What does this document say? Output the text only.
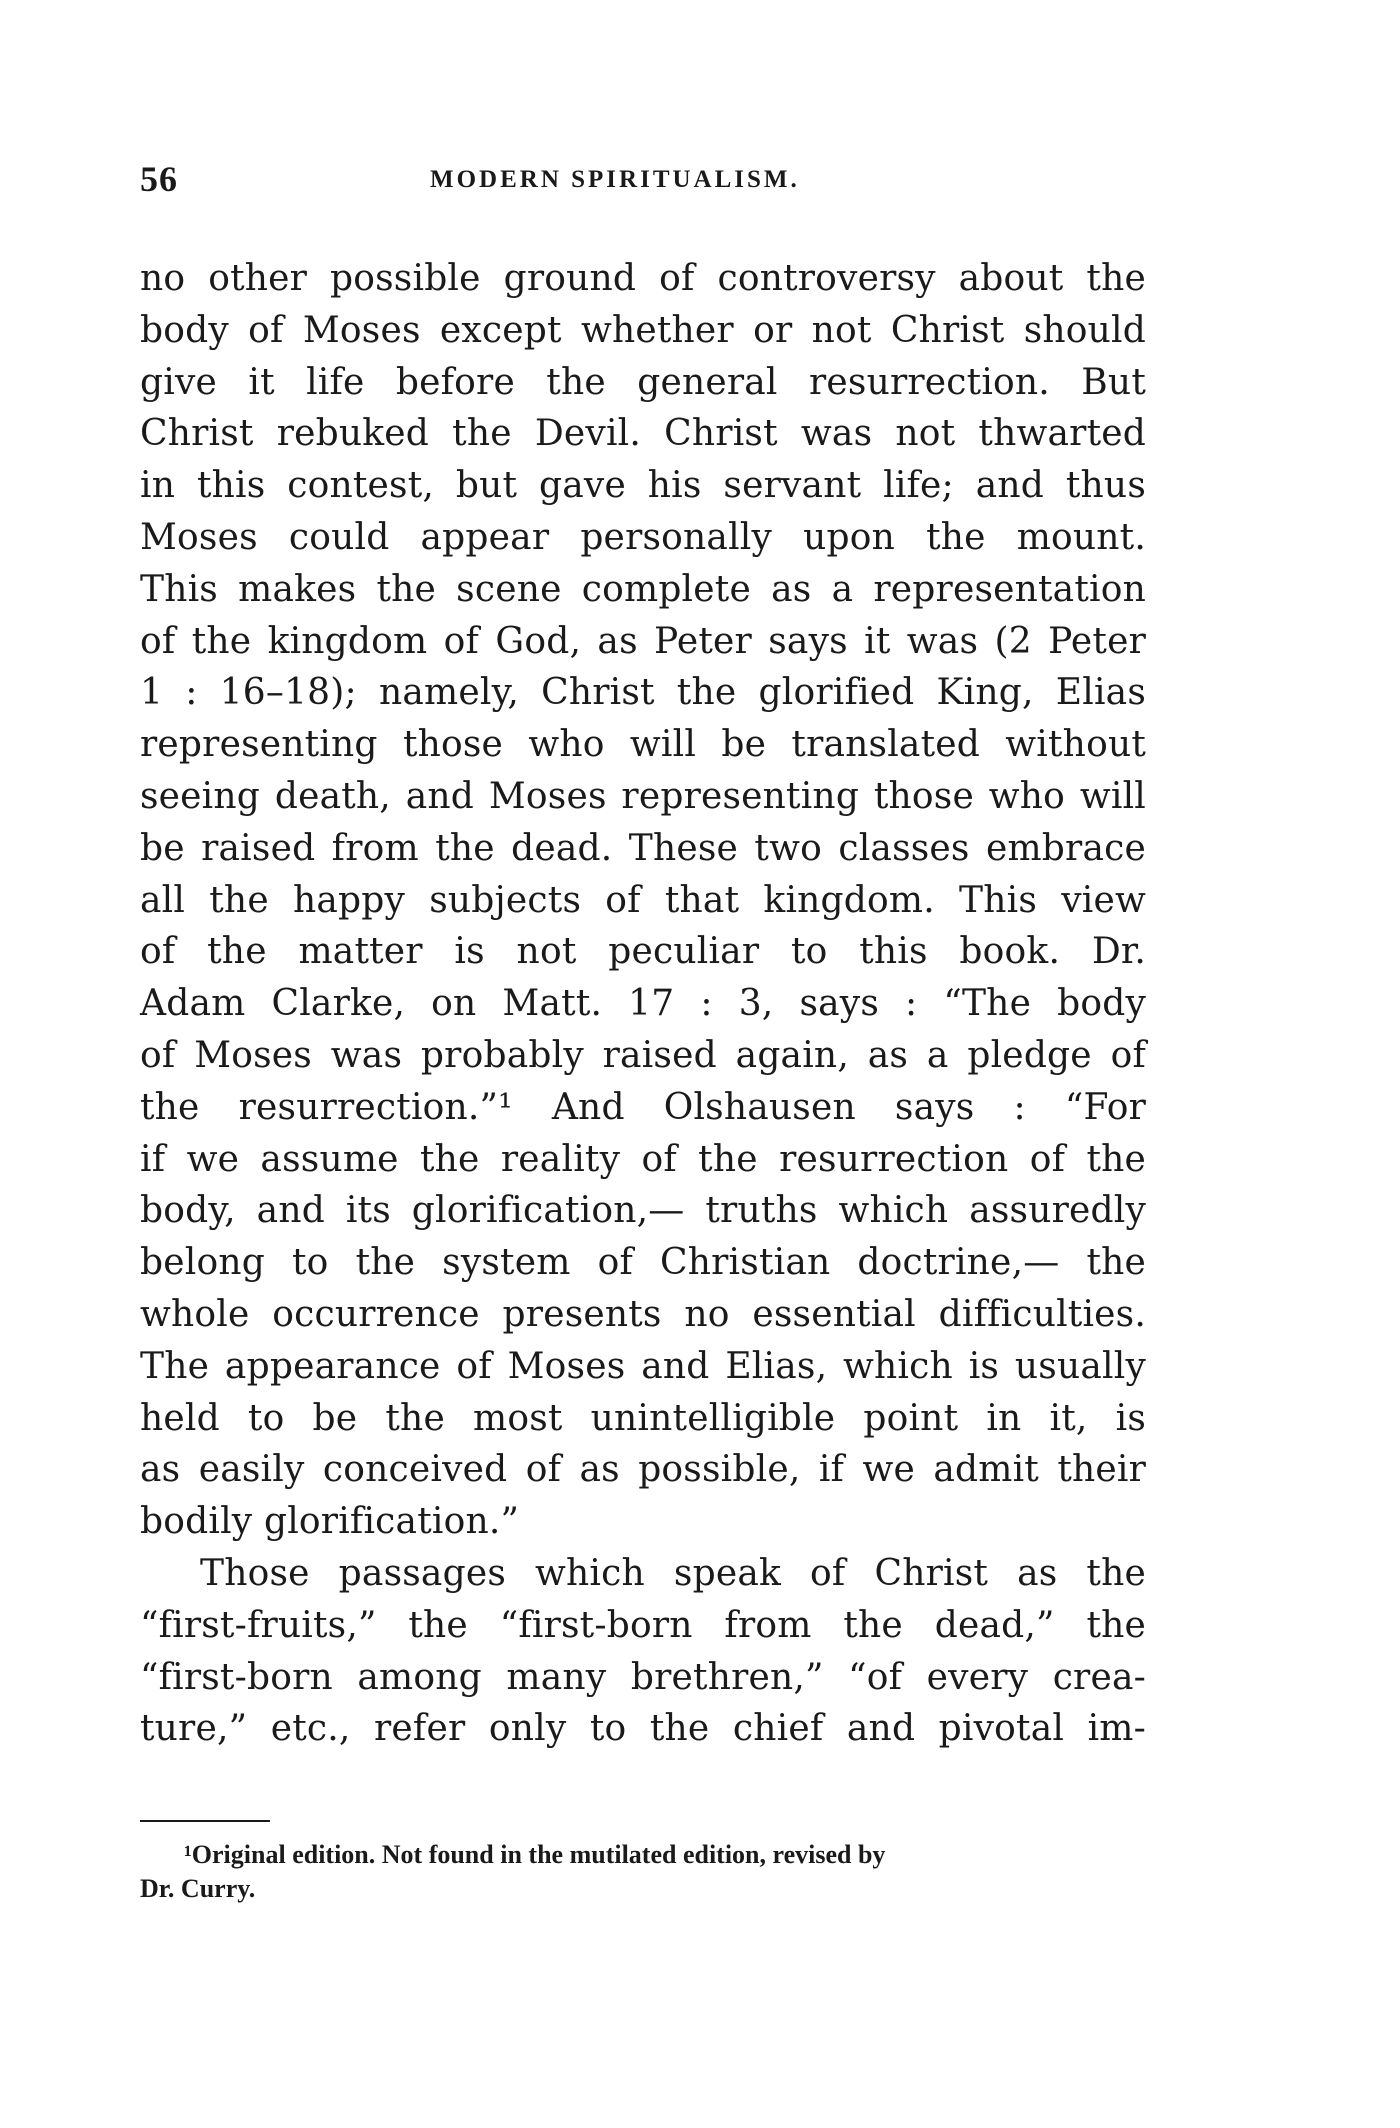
56	MODERN SPIRITUALISM.
no other possible ground of controversy about the
body of Moses except whether or not Christ should
give it life before the general resurrection. But
Christ rebuked the Devil. Christ was not thwarted
in this contest, but gave his servant life; and thus
Moses could appear personally upon the mount.
This makes the scene complete as a representation
of the kingdom of God, as Peter says it was (2 Peter
1 : 16–18); namely, Christ the glorified King, Elias
representing those who will be translated without
seeing death, and Moses representing those who will
be raised from the dead. These two classes embrace
all the happy subjects of that kingdom. This view
of the matter is not peculiar to this book. Dr.
Adam Clarke, on Matt. 17 : 3, says : “The body
of Moses was probably raised again, as a pledge of
the resurrection.”¹ And Olshausen says : “For
if we assume the reality of the resurrection of the
body, and its glorification,— truths which assuredly
belong to the system of Christian doctrine,— the
whole occurrence presents no essential difficulties.
The appearance of Moses and Elias, which is usually
held to be the most unintelligible point in it, is
as easily conceived of as possible, if we admit their
bodily glorification.”
Those passages which speak of Christ as the
“first-fruits,” the “first-born from the dead,” the
“first-born among many brethren,” “of every crea-
ture,” etc., refer only to the chief and pivotal im-
¹Original edition. Not found in the mutilated edition, revised by
Dr. Curry.
